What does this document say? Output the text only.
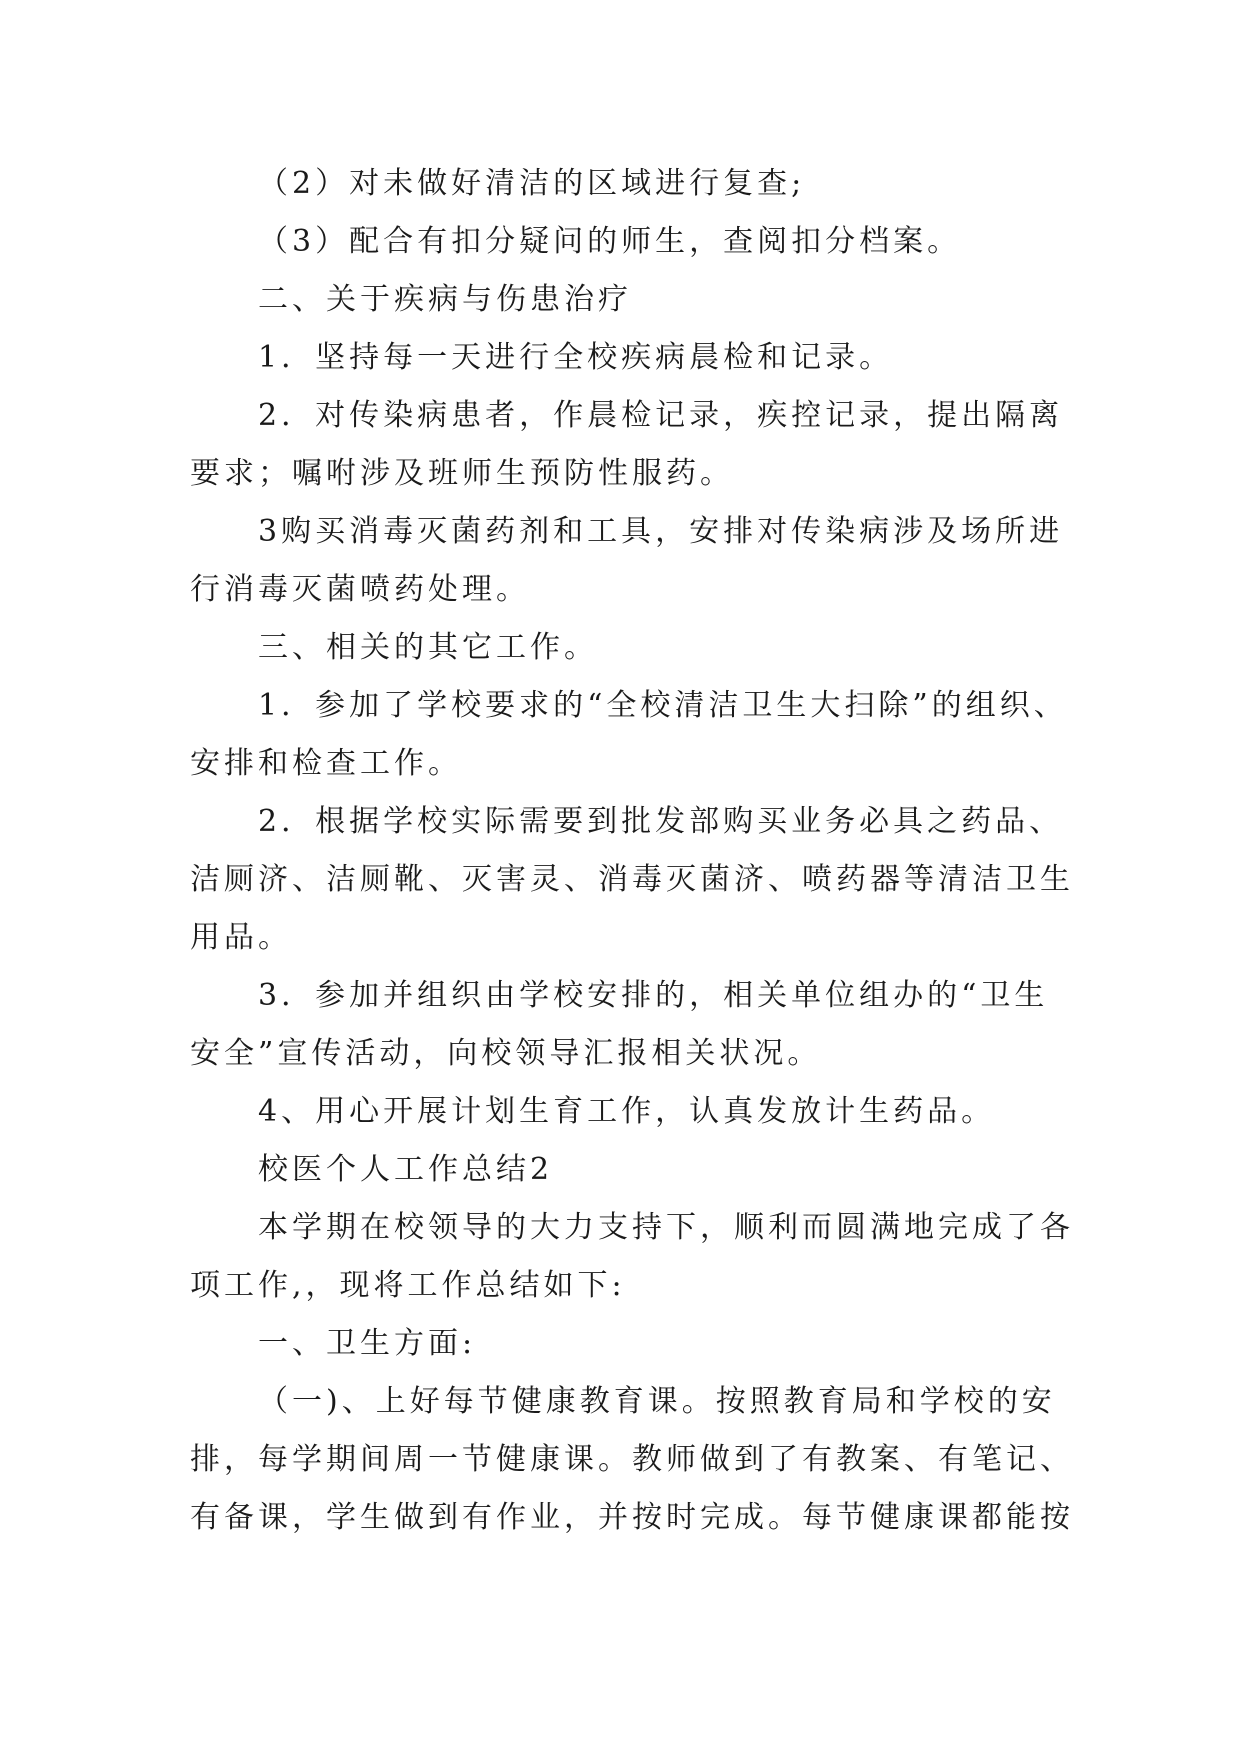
（2）对未做好清洁的区域进行复查;
（3）配合有扣分疑问的师生，查阅扣分档案。
二、关于疾病与伤患治疗
1．坚持每一天进行全校疾病晨检和记录。
2．对传染病患者，作晨检记录，疾控记录，提出隔离
要求；嘱咐涉及班师生预防性服药。
3购买消毒灭菌药剂和工具，安排对传染病涉及场所进
行消毒灭菌喷药处理。
三、相关的其它工作。
1．参加了学校要求的“全校清洁卫生大扫除”的组织、
安排和检查工作。
2．根据学校实际需要到批发部购买业务必具之药品、
洁厕济、洁厕靴、灭害灵、消毒灭菌济、喷药器等清洁卫生
用品。
3．参加并组织由学校安排的，相关单位组办的“卫生
安全”宣传活动，向校领导汇报相关状况。
4、用心开展计划生育工作，认真发放计生药品。
校医个人工作总结2
本学期在校领导的大力支持下，顺利而圆满地完成了各
项工作,，现将工作总结如下:
一、卫生方面:
（一)、上好每节健康教育课。按照教育局和学校的安
排，每学期间周一节健康课。教师做到了有教案、有笔记、
有备课，学生做到有作业，并按时完成。每节健康课都能按
